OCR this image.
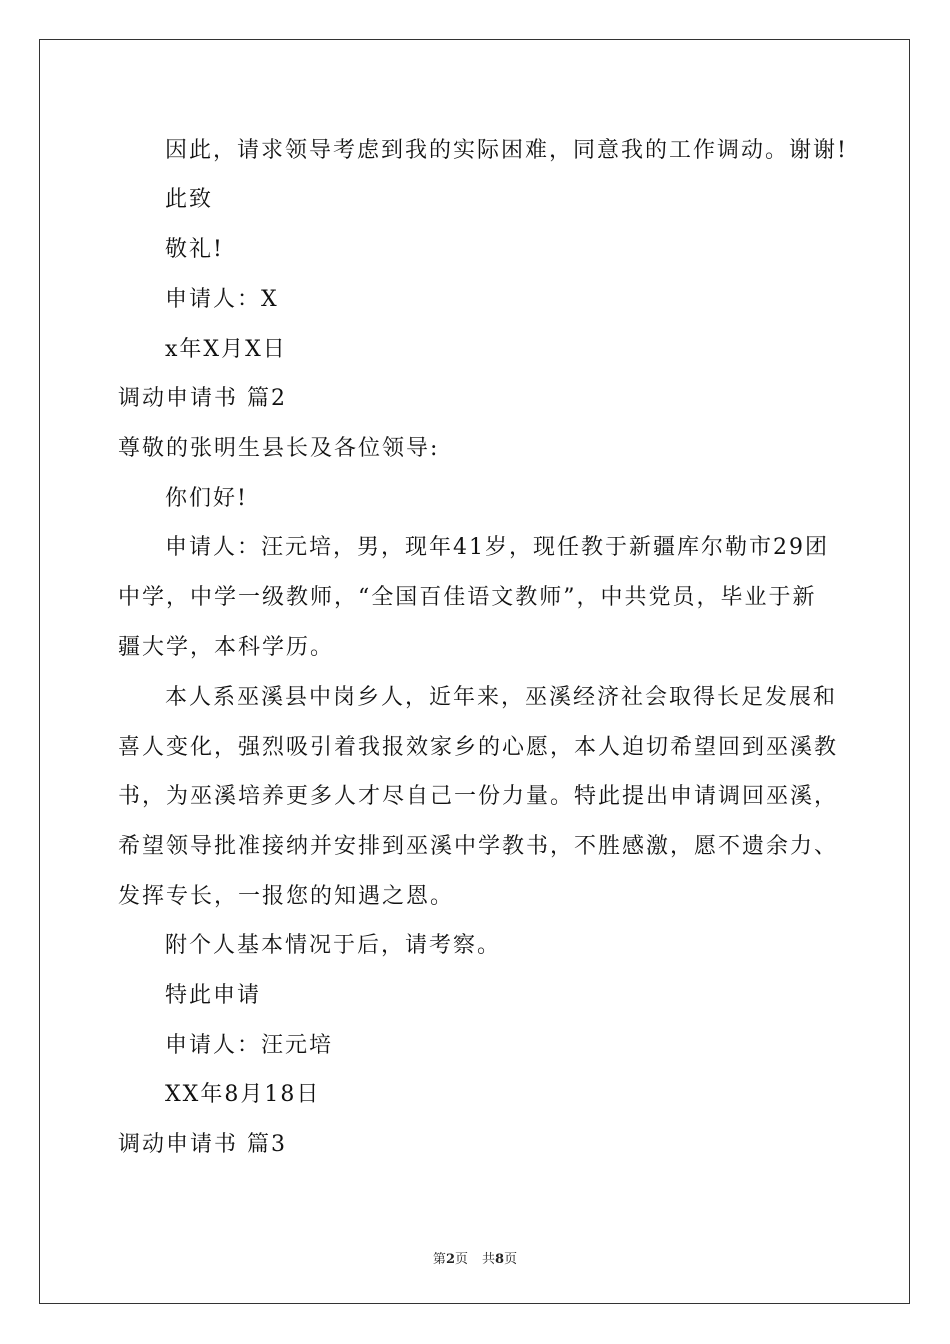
因此，请求领导考虑到我的实际困难，同意我的工作调动。谢谢!
此致
敬礼!
申请人：X
x年X月X日
调动申请书 篇2
尊敬的张明生县长及各位领导:
你们好!
申请人：汪元培，男，现年41岁，现任教于新疆库尔勒市29团
中学，中学一级教师，“全国百佳语文教师”，中共党员，毕业于新
疆大学，本科学历。
本人系巫溪县中岗乡人，近年来，巫溪经济社会取得长足发展和
喜人变化，强烈吸引着我报效家乡的心愿，本人迫切希望回到巫溪教
书，为巫溪培养更多人才尽自己一份力量。特此提出申请调回巫溪，
希望领导批准接纳并安排到巫溪中学教书，不胜感激，愿不遗余力、
发挥专长，一报您的知遇之恩。
附个人基本情况于后，请考察。
特此申请
申请人：汪元培
XX年8月18日
调动申请书 篇3
第2页 共8页
